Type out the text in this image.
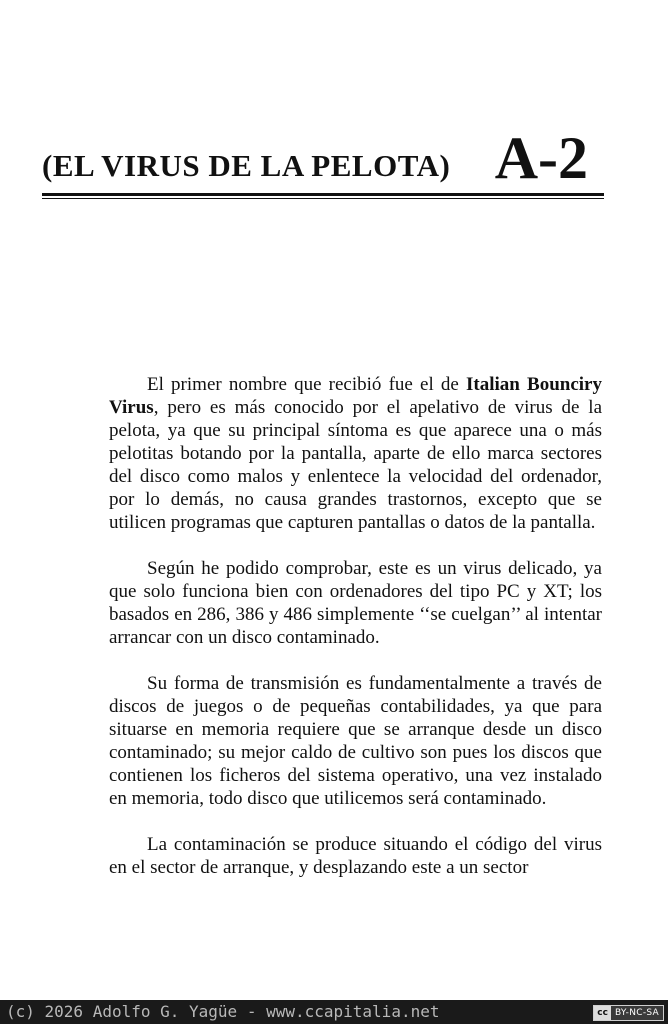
(EL VIRUS DE LA PELOTA) A-2

El primer nombre que recibió fue el de Italian Bounciry Virus, pero es más conocido por el apelativo de virus de la pelota, ya que su principal síntoma es que aparece una o más pelotitas botando por la pantalla, aparte de ello marca sectores del disco como malos y enlentece la velocidad del ordenador, por lo demás, no causa grandes trastornos, excepto que se utilicen programas que capturen pantallas o datos de la pantalla.

Según he podido comprobar, este es un virus delicado, ya que solo funciona bien con ordenadores del tipo PC y XT; los basados en 286, 386 y 486 simplemente ‘‘se cuelgan’’ al intentar arrancar con un disco contaminado.

Su forma de transmisión es fundamentalmente a través de discos de juegos o de pequeñas contabilidades, ya que para situarse en memoria requiere que se arranque desde un disco contaminado; su mejor caldo de cultivo son pues los discos que contienen los ficheros del sistema operativo, una vez instalado en memoria, todo disco que utilicemos será contaminado.

La contaminación se produce situando el código del virus en el sector de arranque, y desplazando este a un sector

(c) 2026 Adolfo G. Yagüe - www.ccapitalia.net	cc BY-NC-SA
